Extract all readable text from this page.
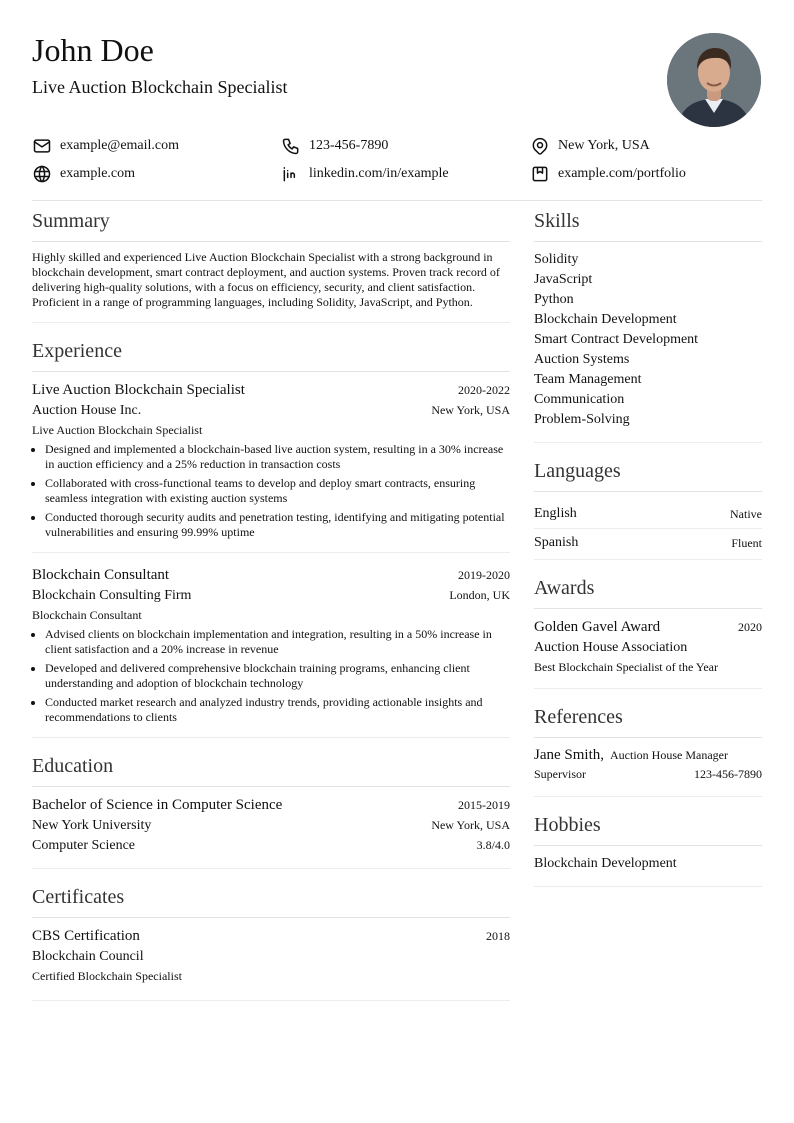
John Doe
Live Auction Blockchain Specialist
example@email.com	123-456-7890	New York, USA
example.com	linkedin.com/in/example	example.com/portfolio
Summary

Highly skilled and experienced Live Auction Blockchain Specialist with a strong background in blockchain development, smart contract deployment, and auction systems. Proven track record of delivering high-quality solutions, with a focus on efficiency, security, and client satisfaction. Proficient in a range of programming languages, including Solidity, JavaScript, and Python.

Experience
Live Auction Blockchain Specialist	2020-2022
Auction House Inc.	New York, USA
Live Auction Blockchain Specialist
• Designed and implemented a blockchain-based live auction system, resulting in a 30% increase in auction efficiency and a 25% reduction in transaction costs
• Collaborated with cross-functional teams to develop and deploy smart contracts, ensuring seamless integration with existing auction systems
• Conducted thorough security audits and penetration testing, identifying and mitigating potential vulnerabilities and ensuring 99.99% uptime
Blockchain Consultant	2019-2020
Blockchain Consulting Firm	London, UK
Blockchain Consultant
• Advised clients on blockchain implementation and integration, resulting in a 50% increase in client satisfaction and a 20% increase in revenue
• Developed and delivered comprehensive blockchain training programs, enhancing client understanding and adoption of blockchain technology
• Conducted market research and analyzed industry trends, providing actionable insights and recommendations to clients
Education
Bachelor of Science in Computer Science	2015-2019
New York University	New York, USA
Computer Science	3.8/4.0
Certificates
CBS Certification	2018
Blockchain Council
Certified Blockchain Specialist
Skills
Solidity
JavaScript
Python
Blockchain Development
Smart Contract Development
Auction Systems
Team Management
Communication
Problem-Solving
Languages
English	Native
Spanish	Fluent
Awards
Golden Gavel Award	2020
Auction House Association
Best Blockchain Specialist of the Year
References
Jane Smith, Auction House Manager
Supervisor	123-456-7890
Hobbies
Blockchain Development
